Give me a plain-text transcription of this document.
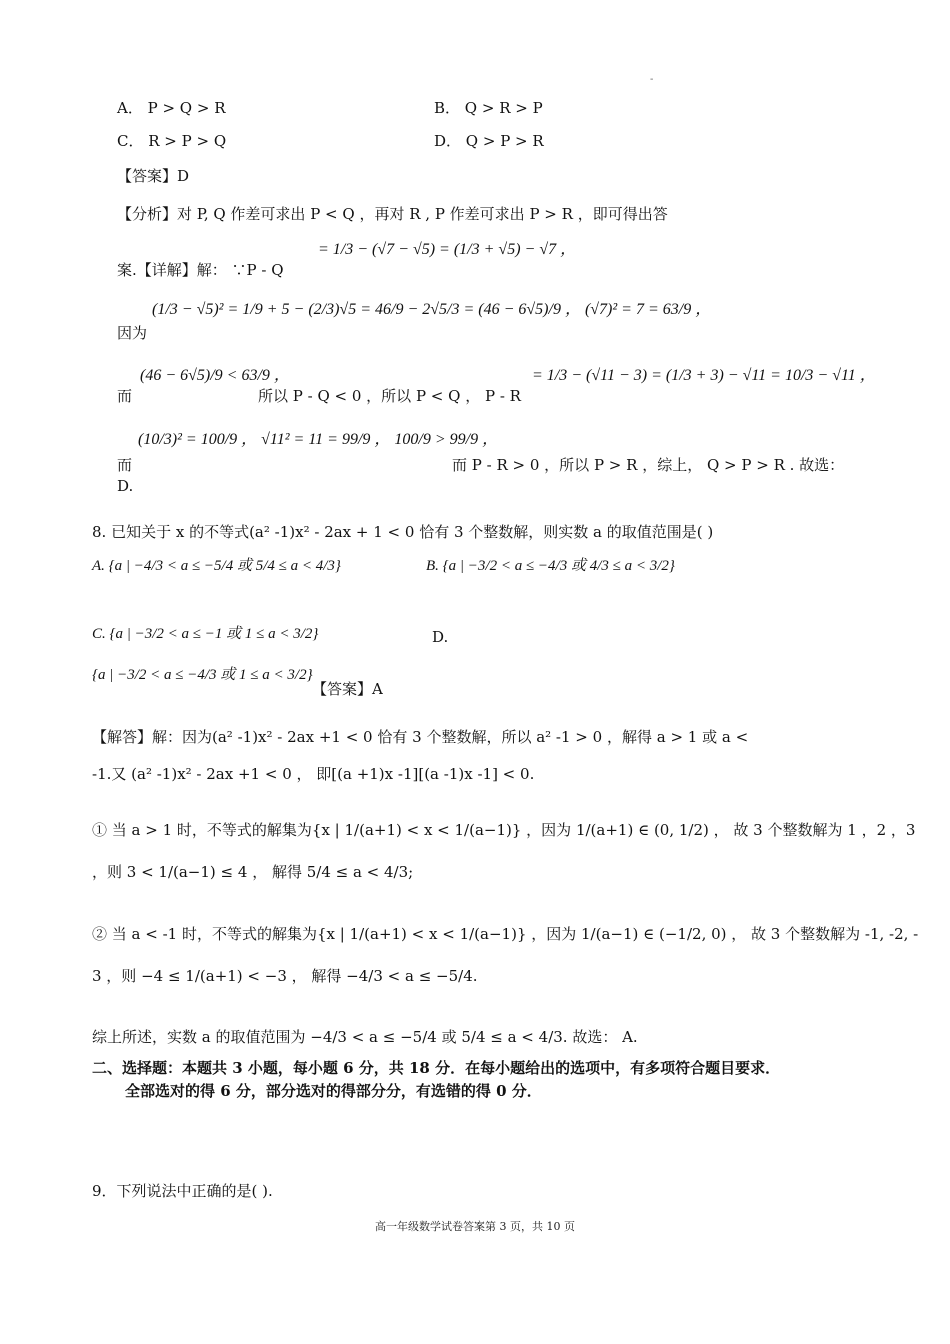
-
A． P > Q > R	B． Q > R > P
C． R > P > Q	D． Q > P > R
【答案】D
【分析】对 P, Q 作差可求出 P < Q ，再对 R , P 作差可求出 P > R ，即可得出答
案.【详解】解： ∵P - Q
= 1/3 − (√7 − √5) = (1/3 + √5) − √7 ，
因为
(1/3 − √5)² = 1/9 + 5 − (2/3)√5 = 46/9 − 2√5/3 = (46 − 6√5)/9 ， (√7)² = 7 = 63/9 ，
而
(46 − 6√5)/9 < 63/9 ，
所以 P - Q < 0 ，所以 P < Q ， P - R
= 1/3 − (√11 − 3) = (1/3 + 3) − √11 = 10/3 − √11 ，
而
(10/3)² = 100/9 ， √11² = 11 = 99/9 ， 100/9 > 99/9 ，
而 P - R > 0 ，所以 P > R ，综上， Q > P > R . 故选：
D.
8. 已知关于 x 的不等式(a² -1)x² - 2ax + 1 < 0 恰有 3 个整数解，则实数 a 的取值范围是( )
A. {a | −4/3 < a ≤ −5/4 或 5/4 ≤ a < 4/3}	B. {a | −3/2 < a ≤ −4/3 或 4/3 ≤ a < 3/2}
C. {a | −3/2 < a ≤ −1 或 1 ≤ a < 3/2}	D.
{a | −3/2 < a ≤ −4/3 或 1 ≤ a < 3/2}
【答案】A
【解答】解：因为(a² -1)x² - 2ax +1 < 0 恰有 3 个整数解，所以 a² -1 > 0 ，解得 a > 1 或 a <
-1.又 (a² -1)x² - 2ax +1 < 0 ， 即[(a +1)x -1][(a -1)x -1] < 0.
① 当 a > 1 时，不等式的解集为{x | 1/(a+1) < x < 1/(a−1)} ，因为 1/(a+1) ∈ (0, 1/2) ， 故 3 个整数解为 1 ，2 ，3
，则 3 < 1/(a−1) ≤ 4 ， 解得 5/4 ≤ a < 4/3;
② 当 a < -1 时，不等式的解集为{x | 1/(a+1) < x < 1/(a−1)} ，因为 1/(a−1) ∈ (−1/2, 0) ， 故 3 个整数解为 -1, -2, -
3 ，则 −4 ≤ 1/(a+1) < −3 ， 解得 −4/3 < a ≤ −5/4.
综上所述，实数 a 的取值范围为 −4/3 < a ≤ −5/4 或 5/4 ≤ a < 4/3. 故选： A.
二、选择题：本题共 3 小题，每小题 6 分，共 18 分．在每小题给出的选项中，有多项符合题目要求．
全部选对的得 6 分，部分选对的得部分分，有选错的得 0 分．
9．下列说法中正确的是( ).
高一年级数学试卷答案第 3 页，共 10 页
